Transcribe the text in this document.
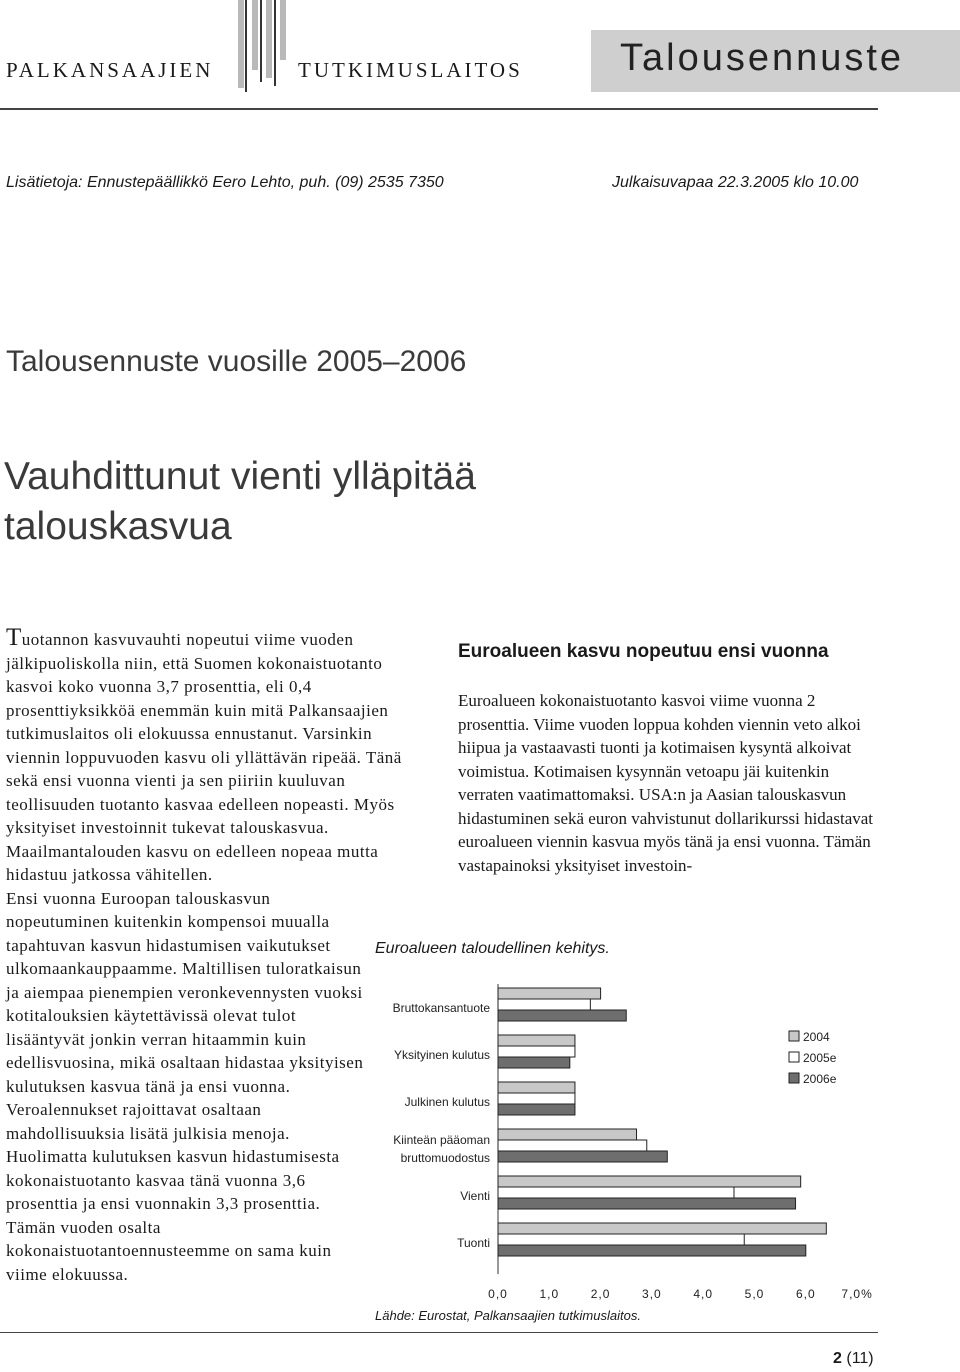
PALKANSAAJIEN	TUTKIMUSLAITOS	Talousennuste
Lisätietoja: Ennustepäällikkö Eero Lehto, puh. (09) 2535 7350	Julkaisuvapaa 22.3.2005 klo 10.00
Talousennuste vuosille 2005–2006
Vauhdittunut vienti ylläpitää talouskasvua

Tuotannon kasvuvauhti nopeutui viime vuoden jälkipuoliskolla niin, että Suomen kokonaistuotanto kasvoi koko vuonna 3,7 prosenttia, eli 0,4 prosenttiyksikköä enemmän kuin mitä Palkansaajien tutkimuslaitos oli elokuussa ennustanut. Varsinkin viennin loppuvuoden kasvu oli yllättävän ripeää. Tänä sekä ensi vuonna vienti ja sen piiriin kuuluvan teollisuuden tuotanto kasvaa edelleen nopeasti. Myös yksityiset investoinnit tukevat talouskasvua. Maailmantalouden kasvu on edelleen nopeaa mutta hidastuu jatkossa vähitellen.
Ensi vuonna Euroopan talouskasvun nopeutuminen kuitenkin kompensoi muualla tapahtuvan kasvun hidastumisen vaikutukset ulkomaankauppaamme. Maltillisen tuloratkaisun ja aiempaa pienempien veronkevennysten vuoksi kotitalouksien käytettävissä olevat tulot lisääntyvät jonkin verran hitaammin kuin edellisvuosina, mikä osaltaan hidastaa yksityisen kulutuksen kasvua tänä ja ensi vuonna. Veroalennukset rajoittavat osaltaan mahdollisuuksia lisätä julkisia menoja. Huolimatta kulutuksen kasvun hidastumisesta kokonaistuotanto kasvaa tänä vuonna 3,6 prosenttia ja ensi vuonnakin 3,3 prosenttia. Tämän vuoden osalta kokonaistuotantoennusteemme on sama kuin viime elokuussa.

Euroalueen kasvu nopeutuu ensi vuonna

Euroalueen kokonaistuotanto kasvoi viime vuonna 2 prosenttia. Viime vuoden loppua kohden viennin veto alkoi hiipua ja vastaavasti tuonti ja kotimaisen kysyntä alkoivat voimistua. Kotimaisen kysynnän vetoapu jäi kuitenkin verraten vaatimattomaksi. USA:n ja Aasian talouskasvun hidastuminen sekä euron vahvistunut dollarikurssi hidastavat euroalueen viennin kasvua myös tänä ja ensi vuonna. Tämän vastapainoksi yksityiset investoin-

Euroalueen taloudellinen kehitys.
Bruttokansantuote
Yksityinen kulutus
Julkinen kulutus
Kiinteän pääoman
bruttomuodostus
Vienti
Tuonti
0,0	1,0	2,0	3,0	4,0	5,0	6,0 7,0%
2004
2005e
2006e
Lähde: Eurostat, Palkansaajien tutkimuslaitos.
2 (11)
